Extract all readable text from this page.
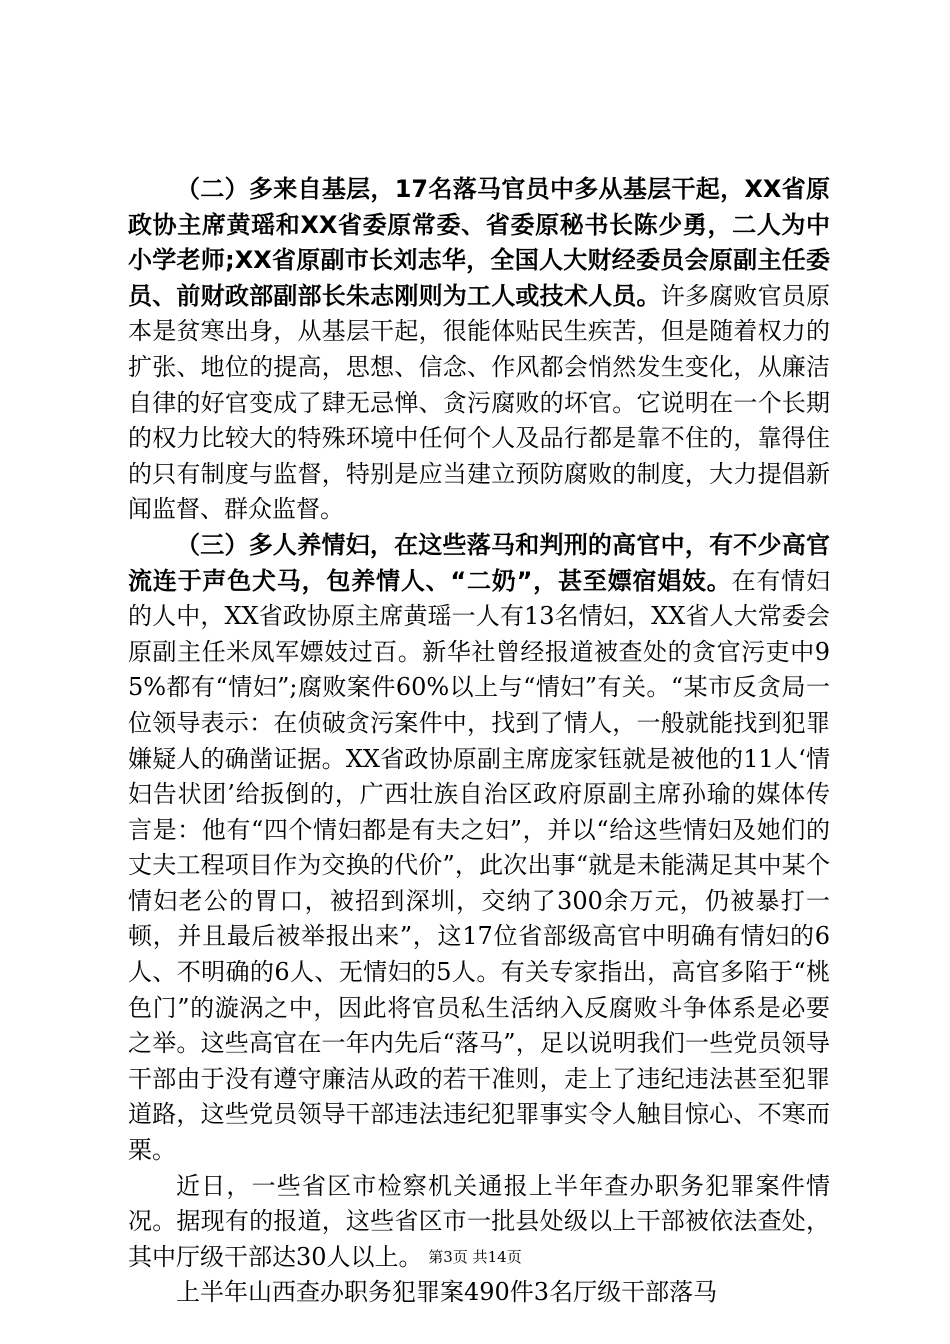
（二）多来自基层，17名落马官员中多从基层干起，XX省原政协主席黄瑶和XX省委原常委、省委原秘书长陈少勇，二人为中小学老师;XX省原副市长刘志华，全国人大财经委员会原副主任委员、前财政部副部长朱志刚则为工人或技术人员。许多腐败官员原本是贫寒出身，从基层干起，很能体贴民生疾苦，但是随着权力的扩张、地位的提高，思想、信念、作风都会悄然发生变化，从廉洁自律的好官变成了肆无忌惮、贪污腐败的坏官。它说明在一个长期的权力比较大的特殊环境中任何个人及品行都是靠不住的，靠得住的只有制度与监督，特别是应当建立预防腐败的制度，大力提倡新闻监督、群众监督。

（三）多人养情妇，在这些落马和判刑的高官中，有不少高官流连于声色犬马，包养情人、“二奶”，甚至嫖宿娼妓。在有情妇的人中，XX省政协原主席黄瑶一人有13名情妇，XX省人大常委会原副主任米凤军嫖妓过百。新华社曾经报道被查处的贪官污吏中95%都有“情妇”;腐败案件60%以上与“情妇”有关。“某市反贪局一位领导表示：在侦破贪污案件中，找到了情人，一般就能找到犯罪嫌疑人的确凿证据。XX省政协原副主席庞家钰就是被他的11人‘情妇告状团’给扳倒的，广西壮族自治区政府原副主席孙瑜的媒体传言是：他有“四个情妇都是有夫之妇”，并以“给这些情妇及她们的丈夫工程项目作为交换的代价”，此次出事“就是未能满足其中某个情妇老公的胃口，被招到深圳，交纳了300余万元，仍被暴打一顿，并且最后被举报出来”，这17位省部级高官中明确有情妇的6人、不明确的6人、无情妇的5人。有关专家指出，高官多陷于“桃色门”的漩涡之中，因此将官员私生活纳入反腐败斗争体系是必要之举。这些高官在一年内先后“落马”，足以说明我们一些党员领导干部由于没有遵守廉洁从政的若干准则，走上了违纪违法甚至犯罪道路，这些党员领导干部违法违纪犯罪事实令人触目惊心、不寒而栗。

近日，一些省区市检察机关通报上半年查办职务犯罪案件情况。据现有的报道，这些省区市一批县处级以上干部被依法查处，其中厅级干部达30人以上。

上半年山西查办职务犯罪案490件3名厅级干部落马

第3页 共14页
